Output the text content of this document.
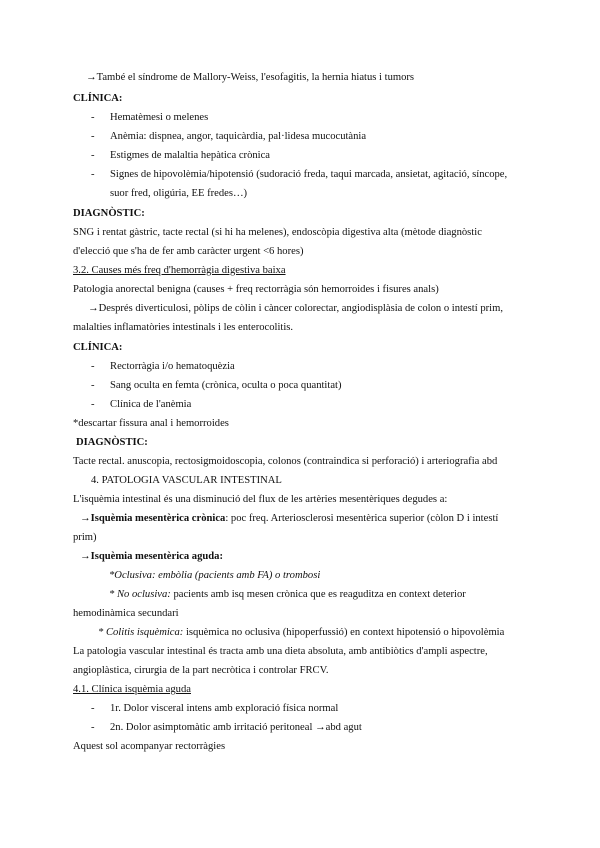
→També el síndrome de Mallory-Weiss, l'esofagitis, la hernia hiatus i tumors
CLÍNICA:
- Hematèmesi o melenes
- Anèmia: dispnea, angor, taquicàrdia, pal·lidesa mucocutània
- Estigmes de malaltia hepàtica crònica
- Signes de hipovolèmia/hipotensió (sudoració freda, taqui marcada, ansietat, agitació, síncope,
suor fred, oligúria, EE fredes…)
DIAGNÒSTIC:
SNG i rentat gàstric, tacte rectal (si hi ha melenes), endoscòpia digestiva alta (mètode diagnòstic
d'elecció que s'ha de fer amb caràcter urgent <6 hores)
3.2. Causes més freq d'hemorràgia digestiva baixa
Patologia anorectal benigna (causes + freq rectorràgia són hemorroides i fisures anals)
→Després diverticulosi, pòlips de còlin i càncer colorectar, angiodisplàsia de colon o intestí prim,
malalties inflamatòries intestinals i les enterocolitis.
CLÍNICA:
- Rectorràgia i/o hematoquèzia
- Sang oculta en femta (crònica, oculta o poca quantitat)
- Clínica de l'anèmia
*descartar fissura anal i hemorroides
DIAGNÒSTIC:
Tacte rectal. anuscopia, rectosigmoidoscopia, colonos (contraindica si perforació) i arteriografia abd
4. PATOLOGIA VASCULAR INTESTINAL
L'isquèmia intestinal és una disminució del flux de les artèries mesentèriques degudes a:
→Isquèmia mesentèrica crònica: poc freq. Arteriosclerosi mesentèrica superior (còlon D i intestí
prim)
→Isquèmia mesentèrica aguda:
*Oclusiva: embòlia (pacients amb FA) o trombosi
* No oclusiva: pacients amb isq mesen crònica que es reaguditza en context deterior
hemodinàmica secundari
* Colitis isquèmica: isquèmica no oclusiva (hipoperfussió) en context hipotensió o hipovolèmia
La patologia vascular intestinal és tracta amb una dieta absoluta, amb antibiòtics d'ampli aspectre,
angioplàstica, cirurgia de la part necròtica i controlar FRCV.
4.1. Clínica isquèmia aguda
- 1r. Dolor visceral intens amb exploració física normal
- 2n. Dolor asimptomàtic amb irritació peritoneal →abd agut
Aquest sol acompanyar rectorràgies
